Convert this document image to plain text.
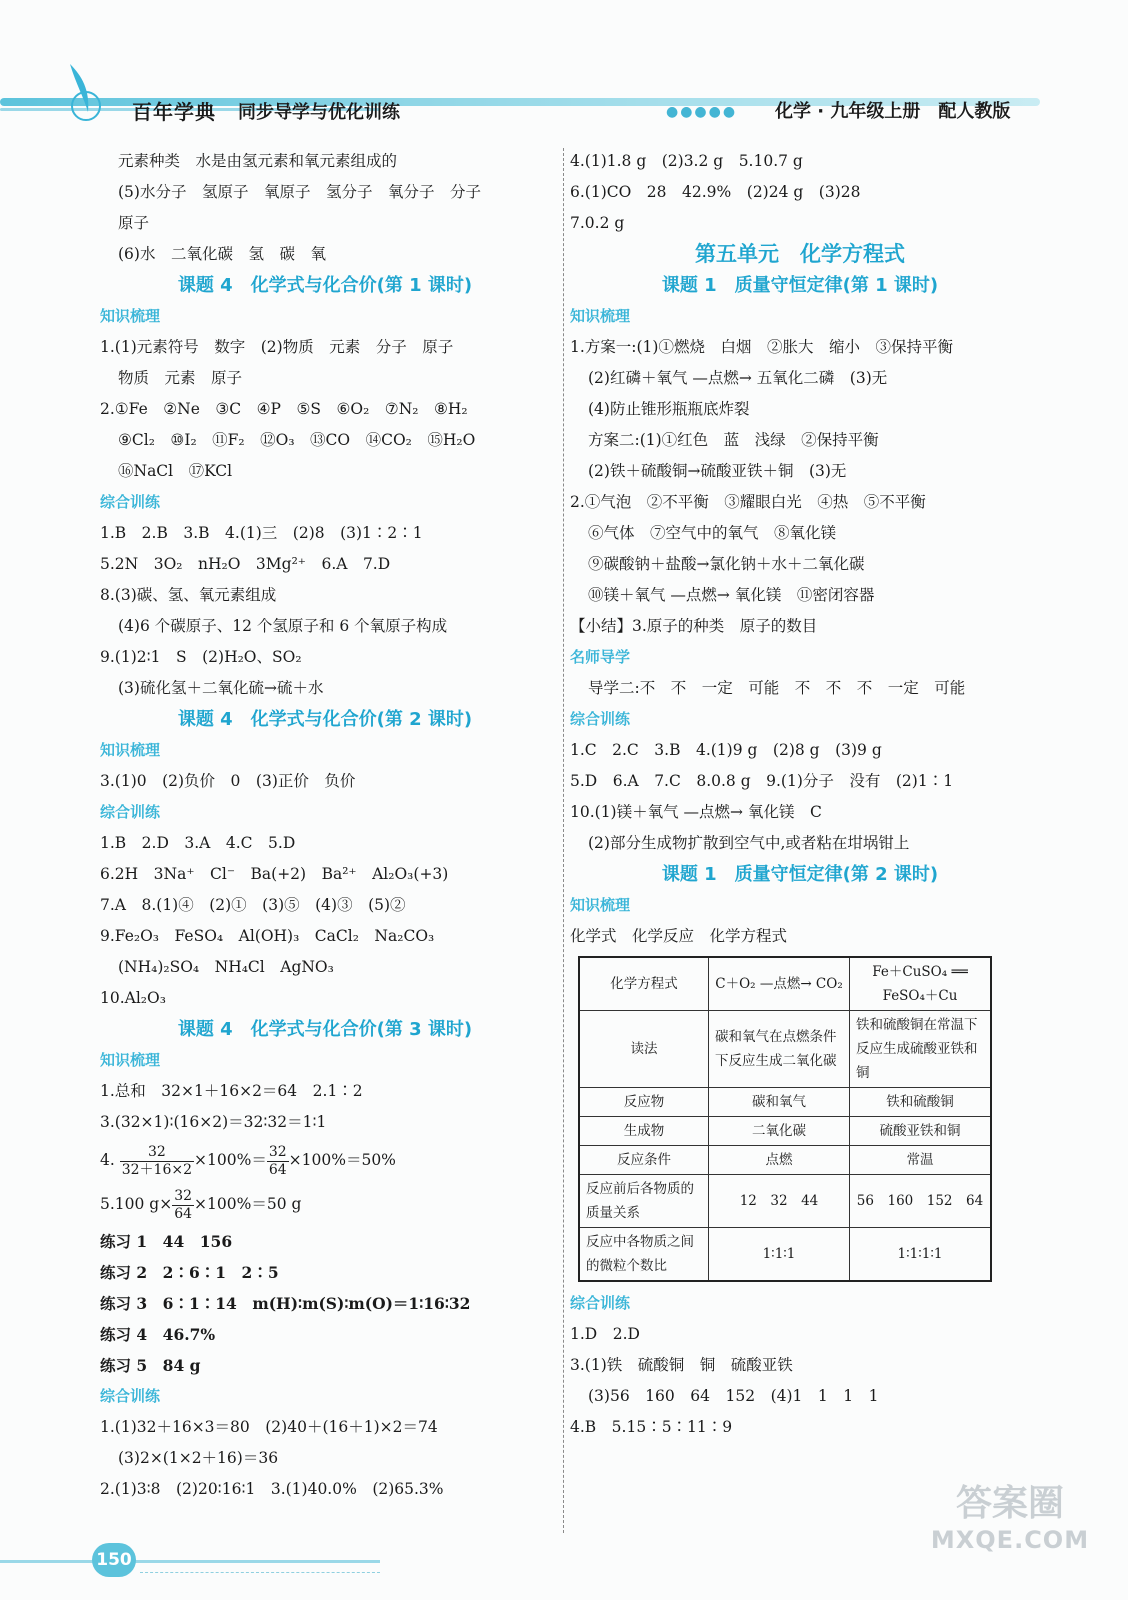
百年学典 同步导学与优化训练	●●●●● 化学 · 九年级上册　配人教版
元素种类　水是由氢元素和氧元素组成的
(5)水分子　氢原子　氧原子　氢分子　氧分子　分子
原子
(6)水　二氧化碳　氢　碳　氧
课题 4　化学式与化合价(第 1 课时)
知识梳理
1.(1)元素符号　数字　(2)物质　元素　分子　原子
物质　元素　原子
2.①Fe　②Ne　③C　④P　⑤S　⑥O₂　⑦N₂　⑧H₂
⑨Cl₂　⑩I₂　⑪F₂　⑫O₃　⑬CO　⑭CO₂　⑮H₂O
⑯NaCl　⑰KCl
综合训练
1.B　2.B　3.B　4.(1)三　(2)8　(3)1∶2∶1
5.2N　3O₂　nH₂O　3Mg²⁺　6.A　7.D
8.(3)碳、氢、氧元素组成
(4)6 个碳原子、12 个氢原子和 6 个氧原子构成
9.(1)2∶1　S　(2)H₂O、SO₂
(3)硫化氢＋二氧化硫→硫＋水
课题 4　化学式与化合价(第 2 课时)
知识梳理
3.(1)0　(2)负价　0　(3)正价　负价
综合训练
1.B　2.D　3.A　4.C　5.D
6.2H　3Na⁺　Cl⁻　Ba(+2)　Ba²⁺　Al₂O₃(+3)
7.A　8.(1)④　(2)①　(3)⑤　(4)③　(5)②
9.Fe₂O₃　FeSO₄　Al(OH)₃　CaCl₂　Na₂CO₃
(NH₄)₂SO₄　NH₄Cl　AgNO₃
10.Al₂O₃
课题 4　化学式与化合价(第 3 课时)
知识梳理
1.总和　32×1＋16×2＝64　2.1∶2
3.(32×1)∶(16×2)＝32∶32＝1∶1
4. $\frac{32}{32+16\times 2} \times 100\%= \frac{32}{64} \times 100\%=50\%$
5.100 $g\times \frac{32}{64} \times 100\%=50$ g
练习 1　44　156
练习 2　2∶6∶1　2∶5
练习 3　6∶1∶14　m(H)∶m(S)∶m(O)＝1∶16∶32
练习 4　46.7%
练习 5　84 g
综合训练
1.(1)32＋16×3＝80　(2)40＋(16＋1)×2＝74
(3)2×(1×2＋16)＝36
2.(1)3∶8　(2)20∶16∶1　3.(1)40.0%　(2)65.3%
4.(1)1.8 g　(2)3.2 g　5.10.7 g
6.(1)CO　28　42.9%　(2)24 g　(3)28
7.0.2 g
第五单元　化学方程式
课题 1　质量守恒定律(第 1 课时)
知识梳理
1.方案一:(1)①燃烧　白烟　②胀大　缩小　③保持平衡
(2)红磷＋氧气 —点燃→ 五氧化二磷　(3)无
(4)防止锥形瓶瓶底炸裂
方案二:(1)①红色　蓝　浅绿　②保持平衡
(2)铁＋硫酸铜→硫酸亚铁＋铜　(3)无
2.①气泡　②不平衡　③耀眼白光　④热　⑤不平衡
⑥气体　⑦空气中的氧气　⑧氧化镁
⑨碳酸钠＋盐酸→氯化钠＋水＋二氧化碳
⑩镁＋氧气 —点燃→ 氧化镁　⑪密闭容器
【小结】3.原子的种类　原子的数目
名师导学
导学二:不　不　一定　可能　不　不　不　一定　可能
综合训练
1.C　2.C　3.B　4.(1)9 g　(2)8 g　(3)9 g
5.D　6.A　7.C　8.0.8 g　9.(1)分子　没有　(2)1∶1
10.(1)镁＋氧气 —点燃→ 氧化镁　C
(2)部分生成物扩散到空气中,或者粘在坩埚钳上
课题 1　质量守恒定律(第 2 课时)
知识梳理
化学式　化学反应　化学方程式
化学方程式	C＋O₂ —点燃→ CO₂	Fe＋CuSO₄ ══ FeSO₄＋Cu
读法	碳和氧气在点燃条件下反应生成二氧化碳	铁和硫酸铜在常温下反应生成硫酸亚铁和铜
反应物	碳和氧气	铁和硫酸铜
生成物	二氧化碳	硫酸亚铁和铜
反应条件	点燃	常温
反应前后各物质的质量关系	12　32　44	56　160　152　64
反应中各物质之间的微粒个数比	1∶1∶1	1∶1∶1∶1
综合训练
1.D　2.D
3.(1)铁　硫酸铜　铜　硫酸亚铁
(3)56　160　64　152　(4)1　1　1　1
4.B　5.15∶5∶11∶9
150
答案圈
MXQE.COM
